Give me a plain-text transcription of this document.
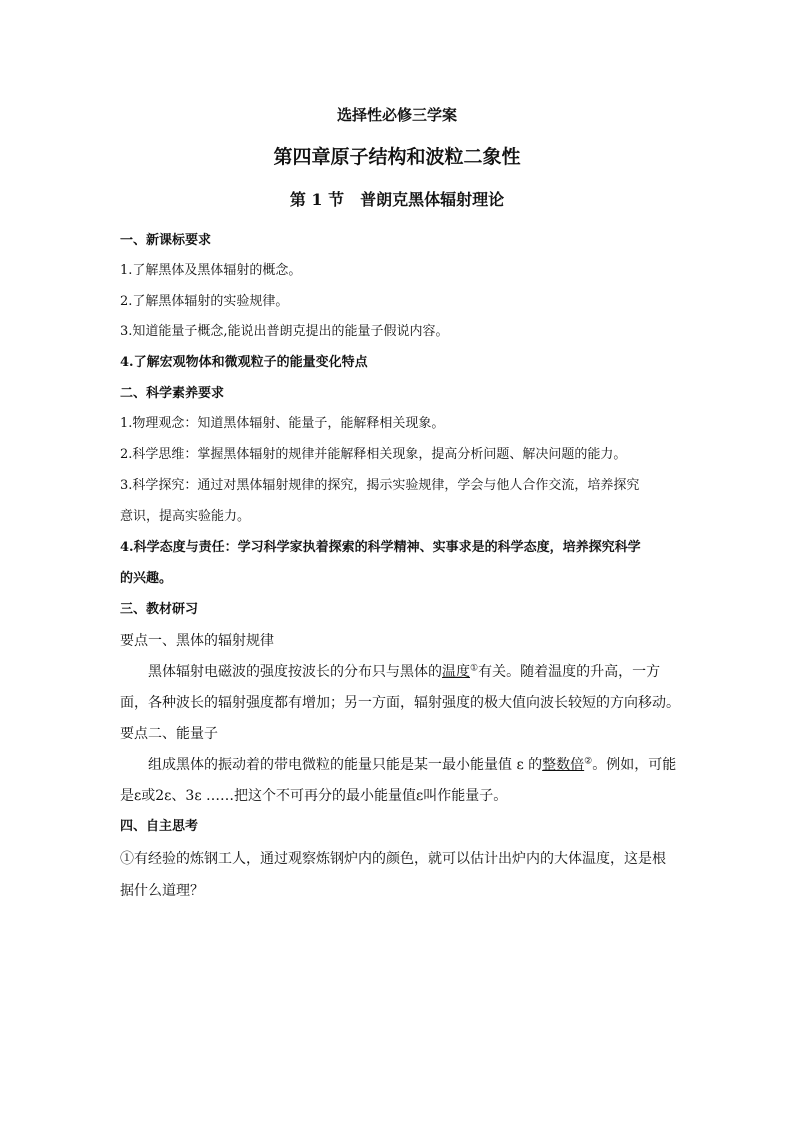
选择性必修三学案
第四章原子结构和波粒二象性
第 1 节　普朗克黑体辐射理论
一、新课标要求
1.了解黑体及黑体辐射的概念。
2.了解黑体辐射的实验规律。
3.知道能量子概念,能说出普朗克提出的能量子假说内容。
4.了解宏观物体和微观粒子的能量变化特点
二、科学素养要求
1.物理观念：知道黑体辐射、能量子，能解释相关现象。
2.科学思维：掌握黑体辐射的规律并能解释相关现象，提高分析问题、解决问题的能力。
3.科学探究：通过对黑体辐射规律的探究，揭示实验规律，学会与他人合作交流，培养探究
意识，提高实验能力。
4.科学态度与责任：学习科学家执着探索的科学精神、实事求是的科学态度，培养探究科学
的兴趣。
三、教材研习
要点一、黑体的辐射规律
黑体辐射电磁波的强度按波长的分布只与黑体的温度①有关。随着温度的升高，一方
面，各种波长的辐射强度都有增加；另一方面，辐射强度的极大值向波长较短的方向移动。
要点二、能量子
组成黑体的振动着的带电微粒的能量只能是某一最小能量值 ε 的整数倍②。例如，可能
是ε或2ε、3ε ……把这个不可再分的最小能量值ε叫作能量子。
四、自主思考
①有经验的炼钢工人，通过观察炼钢炉内的颜色，就可以估计出炉内的大体温度，这是根
据什么道理？
